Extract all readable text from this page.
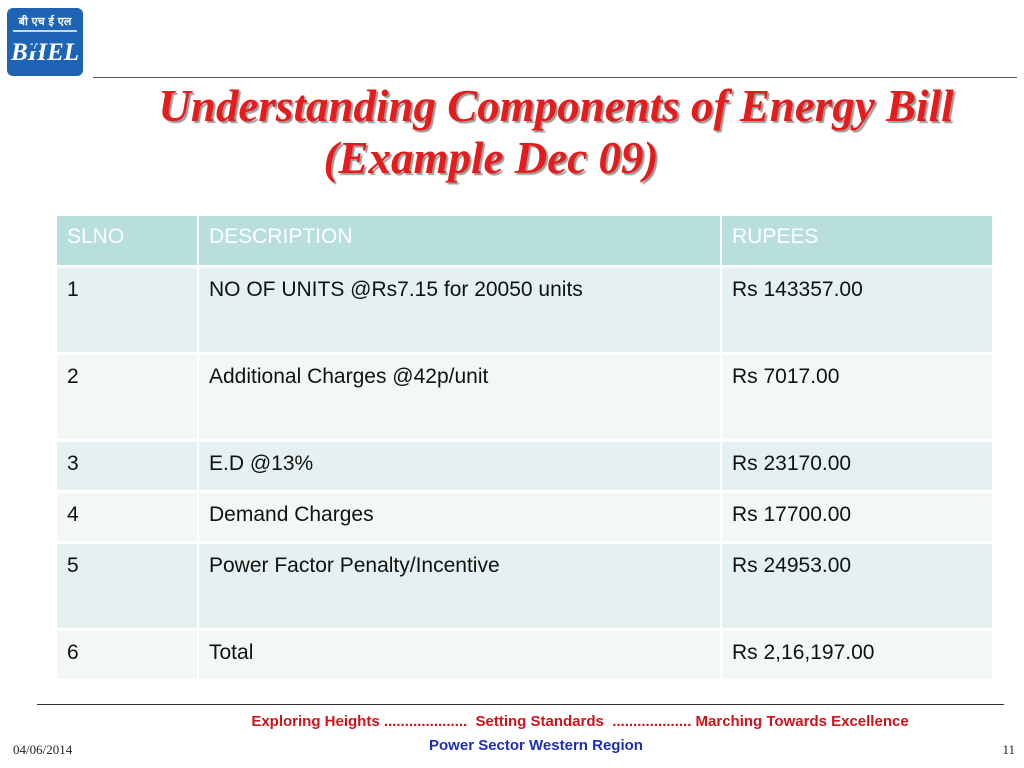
बी एच ई एल
BHEL
Understanding Components of Energy Bill
(Example Dec 09)
SLNO	DESCRIPTION	RUPEES
1	NO OF UNITS @Rs7.15 for 20050 units	Rs 143357.00
2	Additional Charges @42p/unit	Rs 7017.00
3	E.D @13%	Rs 23170.00
4	Demand Charges	Rs 17700.00
5	Power Factor Penalty/Incentive	Rs 24953.00
6	Total	Rs 2,16,197.00
Exploring Heights ....................  Setting Standards  ................... Marching Towards Excellence
Power Sector Western Region
04/06/2014	11
